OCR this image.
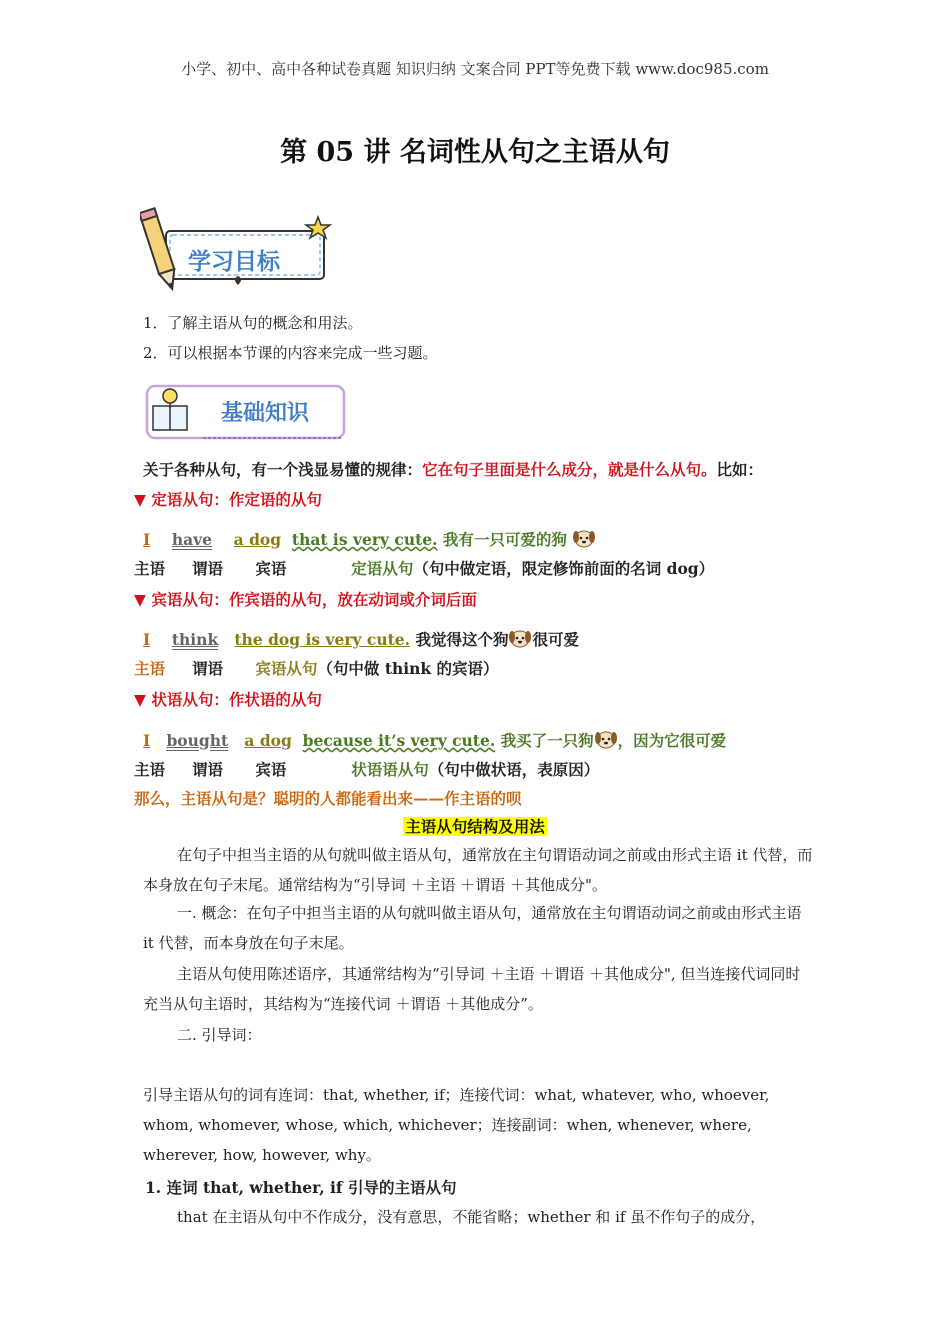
小学、初中、高中各种试卷真题 知识归纳 文案合同 PPT等免费下载 www.doc985.com
第 05 讲 名词性从句之主语从句
学习目标
1．了解主语从句的概念和用法。
2．可以根据本节课的内容来完成一些习题。
基础知识
关于各种从句，有一个浅显易懂的规律：它在句子里面是什么成分，就是什么从句。比如：
▼ 定语从句：作定语的从句
I have a dog that is very cute. 我有一只可爱的狗
主语 谓语 宾语	定语从句（句中做定语，限定修饰前面的名词 dog）
▼ 宾语从句：作宾语的从句，放在动词或介词后面
I think the dog is very cute. 我觉得这个狗 很可爱
主语 谓语 宾语从句（句中做 think 的宾语）
▼ 状语从句：作状语的从句
I bought a dog because it’s very cute. 我买了一只狗 ，因为它很可爱
主语 谓语 宾语	状语语从句（句中做状语，表原因）
那么，主语从句是？聪明的人都能看出来——作主语的呗
主语从句结构及用法
在句子中担当主语的从句就叫做主语从句，通常放在主句谓语动词之前或由形式主语 it 代替，而本身放在句子末尾。通常结构为“引导词 ＋主语 ＋谓语 ＋其他成分"。
一. 概念：在句子中担当主语的从句就叫做主语从句，通常放在主句谓语动词之前或由形式主语 it 代替，而本身放在句子末尾。
主语从句使用陈述语序，其通常结构为“引导词 ＋主语 ＋谓语 ＋其他成分", 但当连接代词同时充当从句主语时，其结构为“连接代词 ＋谓语 ＋其他成分”。
二. 引导词：
引导主语从句的词有连词：that, whether, if；连接代词：what, whatever, who, whoever, whom, whomever, whose, which, whichever；连接副词：when, whenever, where, wherever, how, however, why。
1. 连词 that, whether, if 引导的主语从句
that 在主语从句中不作成分，没有意思，不能省略；whether 和 if 虽不作句子的成分，
